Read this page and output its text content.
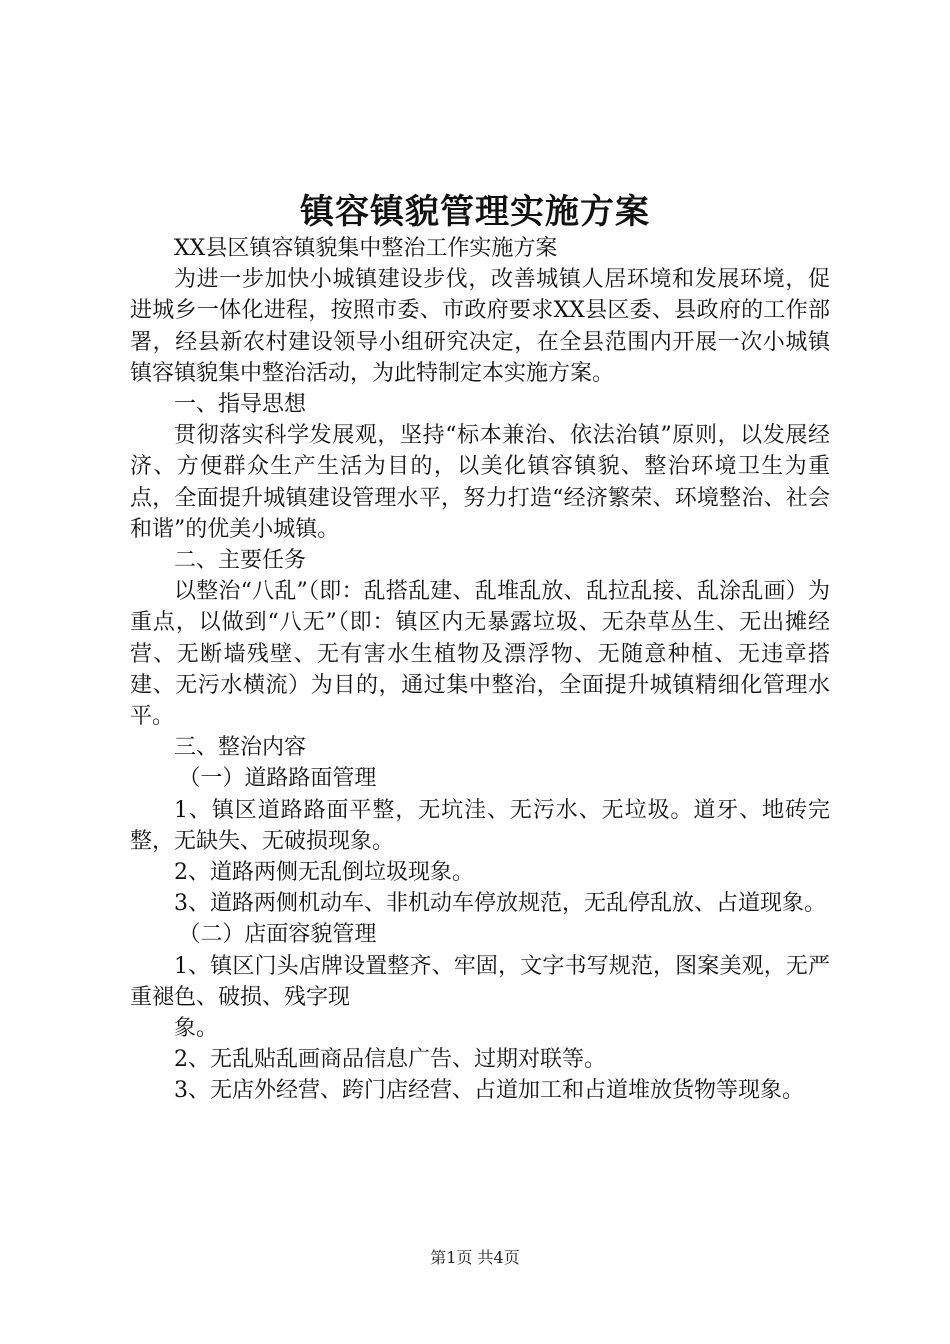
镇容镇貌管理实施方案

XX县区镇容镇貌集中整治工作实施方案

为进一步加快小城镇建设步伐，改善城镇人居环境和发展环境，促进城乡一体化进程，按照市委、市政府要求XX县区委、县政府的工作部署，经县新农村建设领导小组研究决定，在全县范围内开展一次小城镇镇容镇貌集中整治活动，为此特制定本实施方案。

一、指导思想

贯彻落实科学发展观，坚持“标本兼治、依法治镇”原则，以发展经济、方便群众生产生活为目的，以美化镇容镇貌、整治环境卫生为重点，全面提升城镇建设管理水平，努力打造“经济繁荣、环境整治、社会和谐”的优美小城镇。

二、主要任务

以整治“八乱”（即：乱搭乱建、乱堆乱放、乱拉乱接、乱涂乱画）为重点，以做到“八无”（即：镇区内无暴露垃圾、无杂草丛生、无出摊经营、无断墙残壁、无有害水生植物及漂浮物、无随意种植、无违章搭建、无污水横流）为目的，通过集中整治，全面提升城镇精细化管理水平。

三、整治内容

（一）道路路面管理

1、镇区道路路面平整，无坑洼、无污水、无垃圾。道牙、地砖完整，无缺失、无破损现象。

2、道路两侧无乱倒垃圾现象。

3、道路两侧机动车、非机动车停放规范，无乱停乱放、占道现象。

（二）店面容貌管理

1、镇区门头店牌设置整齐、牢固，文字书写规范，图案美观，无严重褪色、破损、残字现

象。

2、无乱贴乱画商品信息广告、过期对联等。

3、无店外经营、跨门店经营、占道加工和占道堆放货物等现象。

第1页 共4页
